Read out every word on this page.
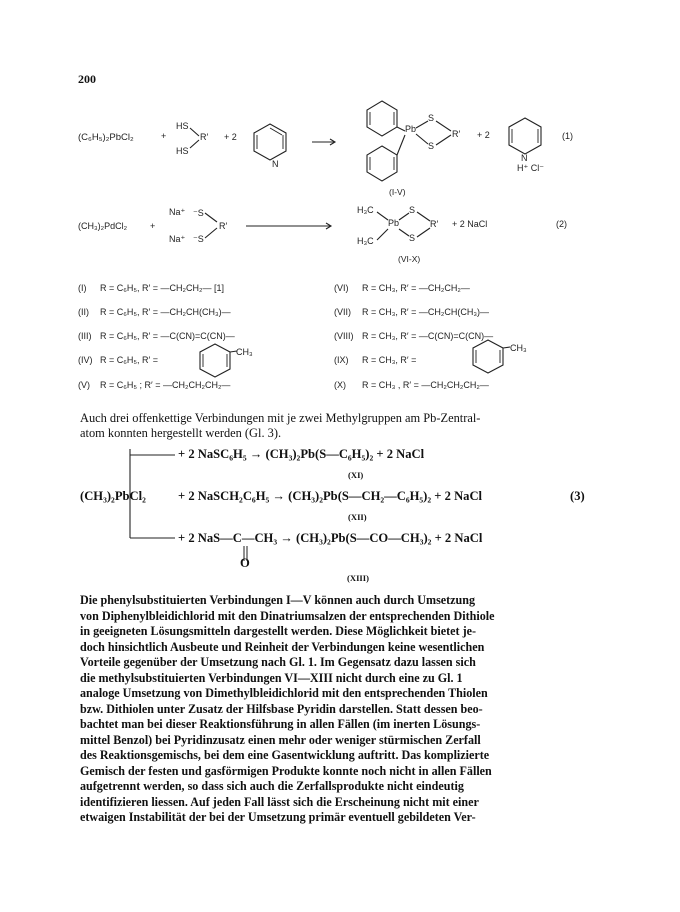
200
(C₆H₅)₂PbCl₂	+
HS
HS
R′ + 2
N
Pb
S
S
R′ + 2
N
H⁺ Cl⁻
(1)
(I-V)
(CH₃)₂PdCl₂	+
Na⁺ ⁻S
Na⁺ ⁻S
R′
H₃C
H₃C
Pb
S
S
R′ + 2 NaCl	(2)
(VI-X)
(I) R = C₆H₅, R′ = —CH₂CH₂— [1]
(II) R = C₆H₅, R′ = —CH₂CH(CH₃)—
(III) R = C₆H₅, R′ = —C(CN)=C(CN)—
(IV) R = C₆H₅, R′ =
(V) R = C₆H₅ ; R′ = —CH₂CH₂CH₂—
CH₃
(VI) R = CH₃, R′ = —CH₂CH₂—
(VII) R = CH₃, R′ = —CH₂CH(CH₃)—
(VIII) R = CH₃, R′ = —C(CN)=C(CN)—
(IX) R = CH₃, R′ =
(X) R = CH₃ , R′ = —CH₂CH₂CH₂—
CH₃
Auch drei offenkettige Verbindungen mit je zwei Methylgruppen am Pb-Zentral-
atom konnten hergestellt werden (Gl. 3).
+ 2 NaSC₆H₅ → (CH₃)₂Pb(S—C₆H₅)₂ + 2 NaCl
(XI)
(CH₃)₂PbCl₂	+ 2 NaSCH₂C₆H₅ → (CH₃)₂Pb(S—CH₂—C₆H₅)₂ + 2 NaCl	(3)
(XII)
+ 2 NaS—C—CH₃ → (CH₃)₂Pb(S—CO—CH₃)₂ + 2 NaCl
O
(XIII)
Die phenylsubstituierten Verbindungen I—V können auch durch Umsetzung
von Diphenylbleidichlorid mit den Dinatriumsalzen der entsprechenden Dithiole
in geeigneten Lösungsmitteln dargestellt werden. Diese Möglichkeit bietet je-
doch hinsichtlich Ausbeute und Reinheit der Verbindungen keine wesentlichen
Vorteile gegenüber der Umsetzung nach Gl. 1. Im Gegensatz dazu lassen sich
die methylsubstituierten Verbindungen VI—XIII nicht durch eine zu Gl. 1
analoge Umsetzung von Dimethylbleidichlorid mit den entsprechenden Thiolen
bzw. Dithiolen unter Zusatz der Hilfsbase Pyridin darstellen. Statt dessen beo-
bachtet man bei dieser Reaktionsführung in allen Fällen (im inerten Lösungs-
mittel Benzol) bei Pyridinzusatz einen mehr oder weniger stürmischen Zerfall
des Reaktionsgemischs, bei dem eine Gasentwicklung auftritt. Das komplizierte
Gemisch der festen und gasförmigen Produkte konnte noch nicht in allen Fällen
aufgetrennt werden, so dass sich auch die Zerfallsprodukte nicht eindeutig
identifizieren liessen. Auf jeden Fall lässt sich die Erscheinung nicht mit einer
etwaigen Instabilität der bei der Umsetzung primär eventuell gebildeten Ver-
